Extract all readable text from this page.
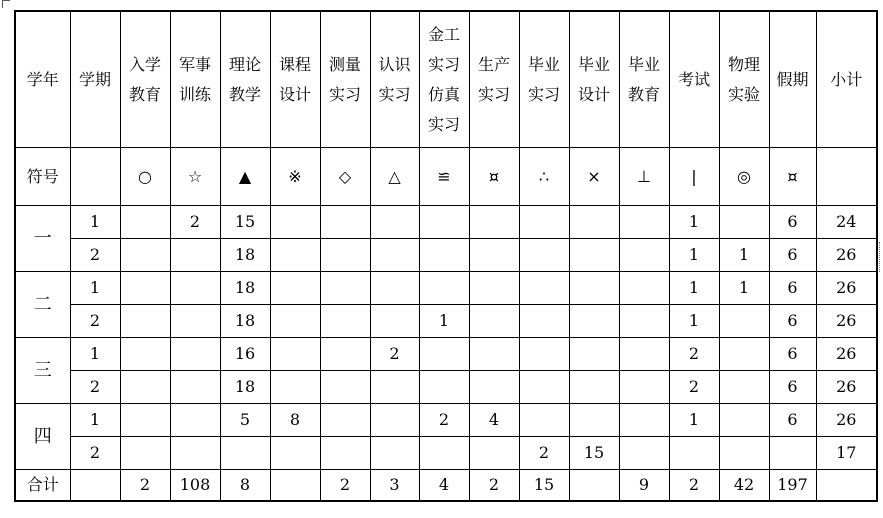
学年	学期	入学教育	军事训练	理论教学	课程设计	测量实习	认识实习	金工实习仿真实习	生产实习	毕业实习	毕业设计	毕业教育	考试	物理实验	假期	小计
符号		○	☆	▲	※	◇	△	≌	¤	∴	×	⊥	|	◎	¤	
一	1		2	15									1		6	24
	2			18									1	1	6	26
二	1			18									1	1	6	26
	2			18				1					1		6	26
三	1			16			2						2		6	26
	2			18									2		6	26
四	1			5	8			2	4				1		6	26
	2									2	15					17
合计		2	108	8		2	3	4	2	15		9	2	42	197	
